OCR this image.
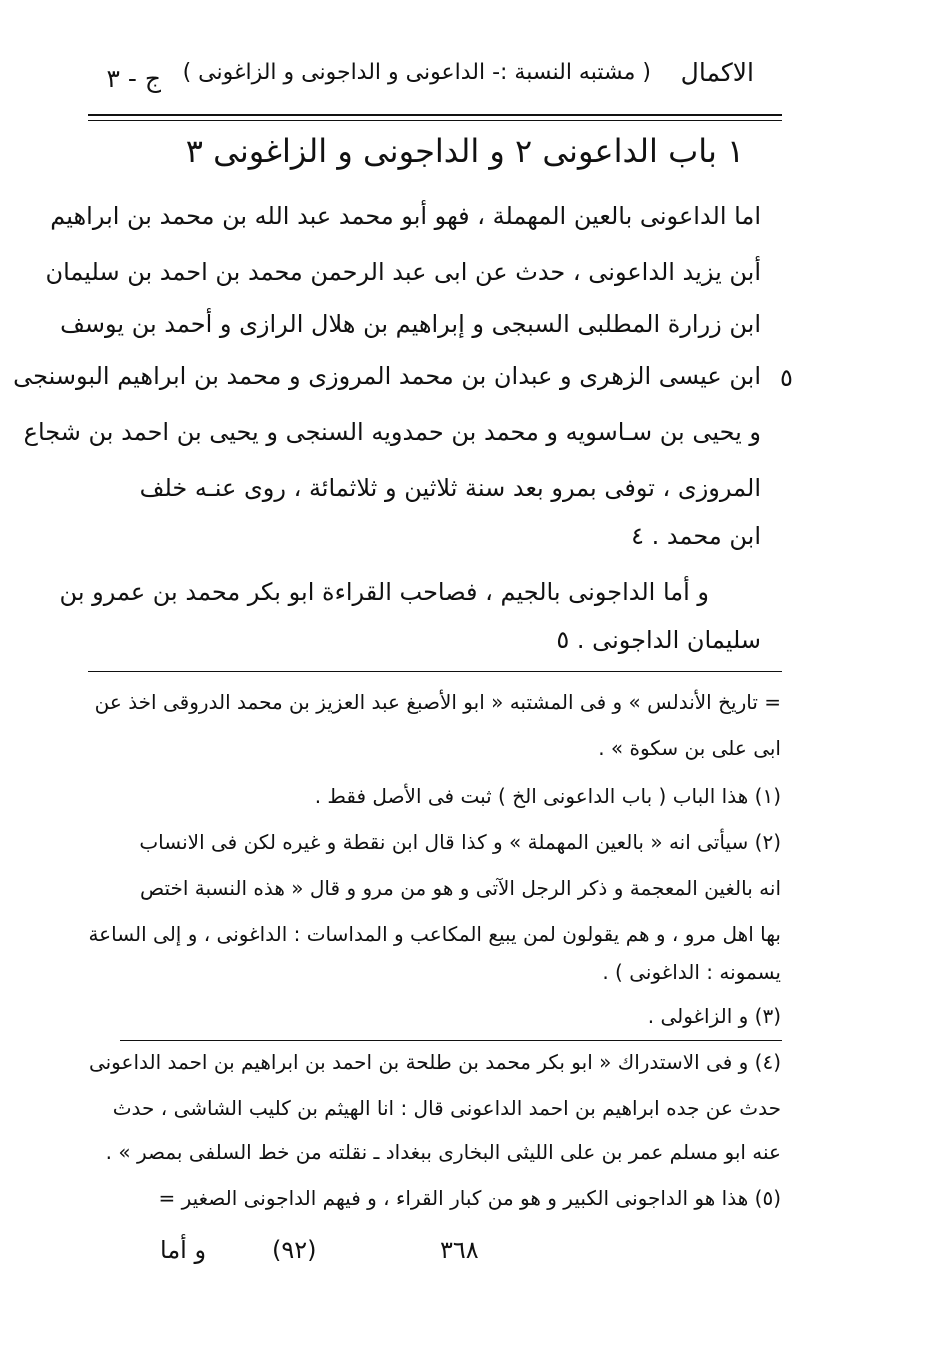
الاكمال
( مشتبه النسبة :- الداعونى و الداجونى و الزاغونى )
ج - ٣
١ باب الداعونى ٢ و الداجونى و الزاغونى ٣
اما الداعونى بالعين المهملة ، فهو أبو محمد عبد الله بن محمد بن ابراهيم
أبن يزيد الداعونى ، حدث عن ابى عبد الرحمن محمد بن احمد بن سليمان
ابن زرارة المطلبى السبجى و إبراهيم بن هلال الرازى و أحمد بن يوسف
ابن عيسى الزهرى و عبدان بن محمد المروزى و محمد بن ابراهيم البوسنجى ٥
و يحيى بن سـاسويه و محمد بن حمدويه السنجى و يحيى بن احمد بن شجاع
المروزى ، توفى بمرو بعد سنة ثلاثين و ثلاثمائة ، روى عنـه خلف
ابن محمد . ٤
و أما الداجونى بالجيم ، فصاحب القراءة ابو بكر محمد بن عمرو بن
سليمان الداجونى . ٥
= تاريخ الأندلس » و فى المشتبه « ابو الأصبغ عبد العزيز بن محمد الدروقى اخذ عن
ابى على بن سكوة » .
(١) هذا الباب ( باب الداعونى الخ ) ثبت فى الأصل فقط .
(٢) سيأتى انه « بالعين المهملة » و كذا قال ابن نقطة و غيره لكن فى الانساب
انه بالغين المعجمة و ذكر الرجل الآتى و هو من مرو و قال « هذه النسبة اختص
بها اهل مرو ، و هم يقولون لمن يبيع المكاعب و المداسات : الداغونى ، و إلى الساعة
يسمونه : الداغونى ) .
(٣) و الزاغولى .
(٤) و فى الاستدراك « ابو بكر محمد بن طلحة بن احمد بن ابراهيم بن احمد الداعونى
حدث عن جده ابراهيم بن احمد الداعونى قال : انا الهيثم بن كليب الشاشى ، حدث
عنه ابو مسلم عمر بن على الليثى البخارى ببغداد ـ نقلته من خط السلفى بمصر » .
(٥) هذا هو الداجونى الكبير و هو من كبار القراء ، و فيهم الداجونى الصغير =
و أما	(٩٢)	٣٦٨
